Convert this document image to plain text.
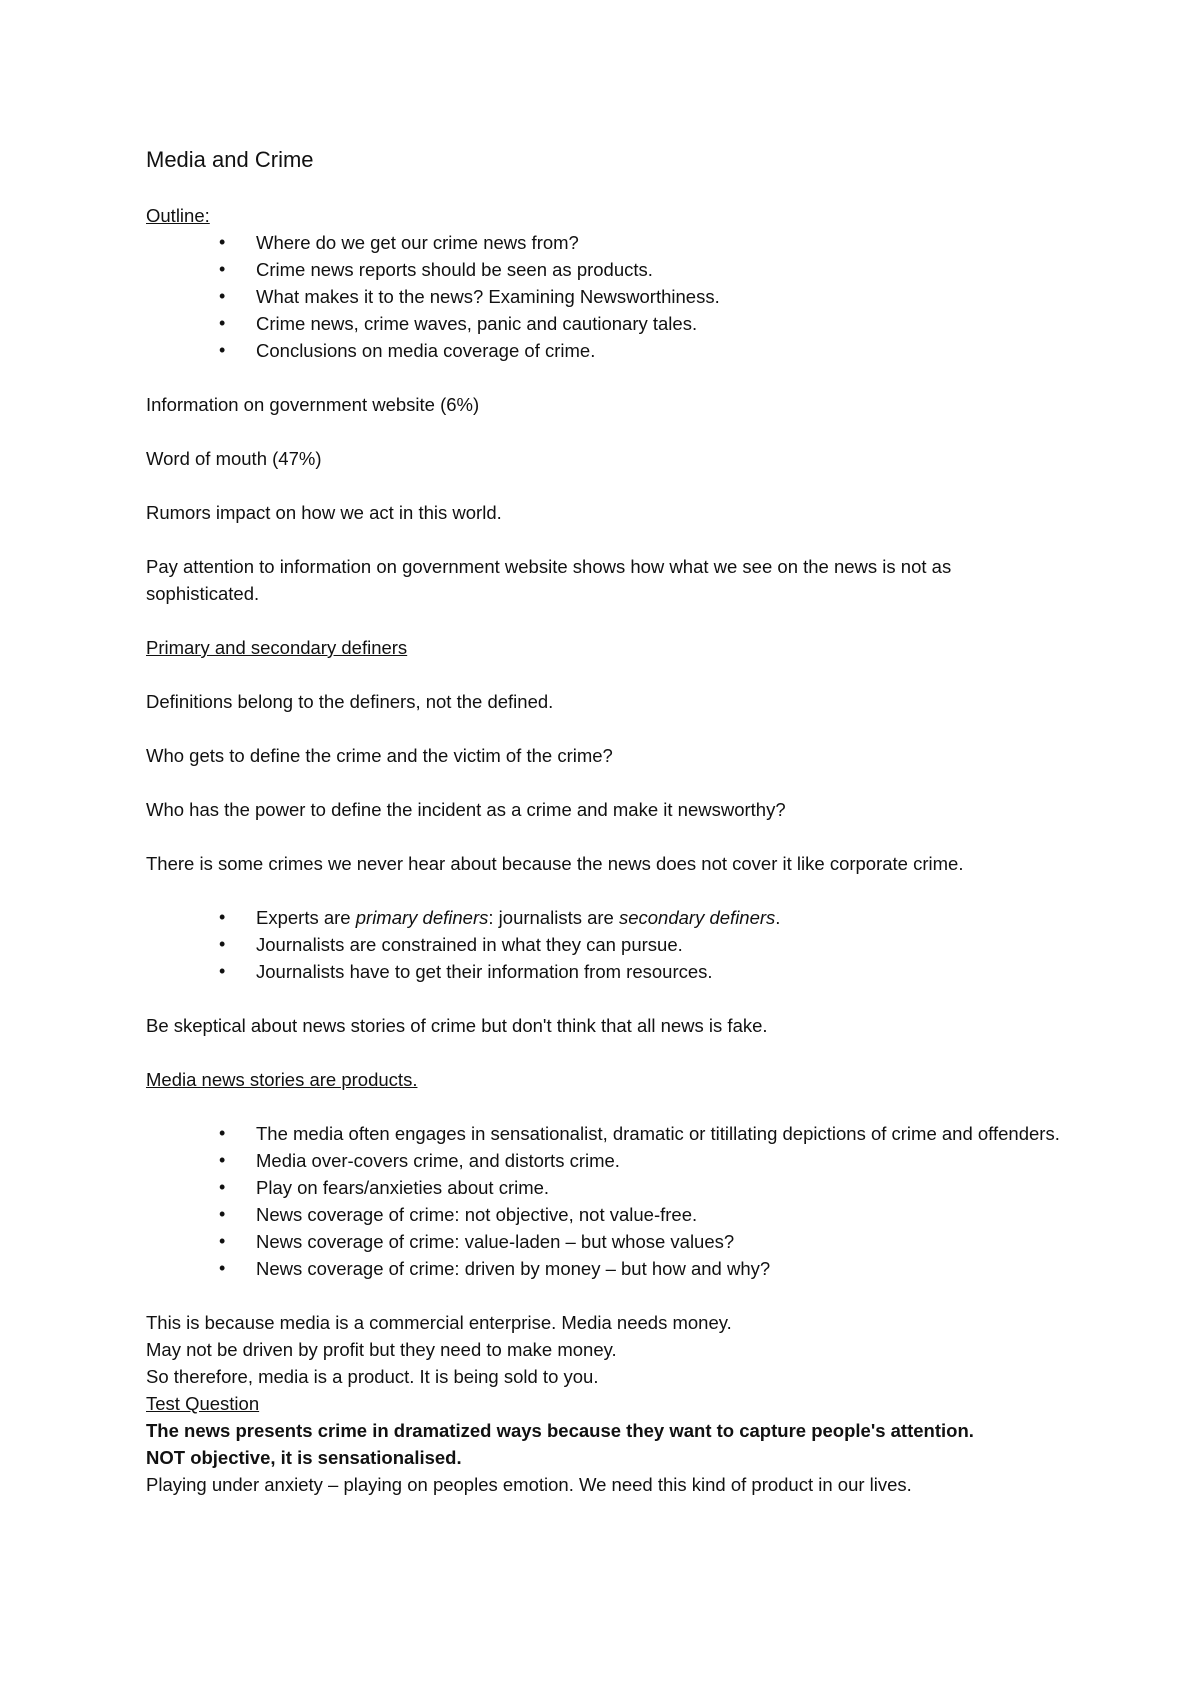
Media and Crime
Outline:
• Where do we get our crime news from?
• Crime news reports should be seen as products.
• What makes it to the news? Examining Newsworthiness.
• Crime news, crime waves, panic and cautionary tales.
• Conclusions on media coverage of crime.
Information on government website (6%)
Word of mouth (47%)
Rumors impact on how we act in this world.
Pay attention to information on government website shows how what we see on the news is not as sophisticated.
Primary and secondary definers
Definitions belong to the definers, not the defined.
Who gets to define the crime and the victim of the crime?
Who has the power to define the incident as a crime and make it newsworthy?
There is some crimes we never hear about because the news does not cover it like corporate crime.
• Experts are primary definers: journalists are secondary definers.
• Journalists are constrained in what they can pursue.
• Journalists have to get their information from resources.
Be skeptical about news stories of crime but don't think that all news is fake.
Media news stories are products.
• The media often engages in sensationalist, dramatic or titillating depictions of crime and offenders.
• Media over-covers crime, and distorts crime.
• Play on fears/anxieties about crime.
• News coverage of crime: not objective, not value-free.
• News coverage of crime: value-laden – but whose values?
• News coverage of crime: driven by money – but how and why?
This is because media is a commercial enterprise. Media needs money.
May not be driven by profit but they need to make money.
So therefore, media is a product. It is being sold to you.
Test Question
The news presents crime in dramatized ways because they want to capture people's attention.
NOT objective, it is sensationalised.
Playing under anxiety – playing on peoples emotion. We need this kind of product in our lives.
